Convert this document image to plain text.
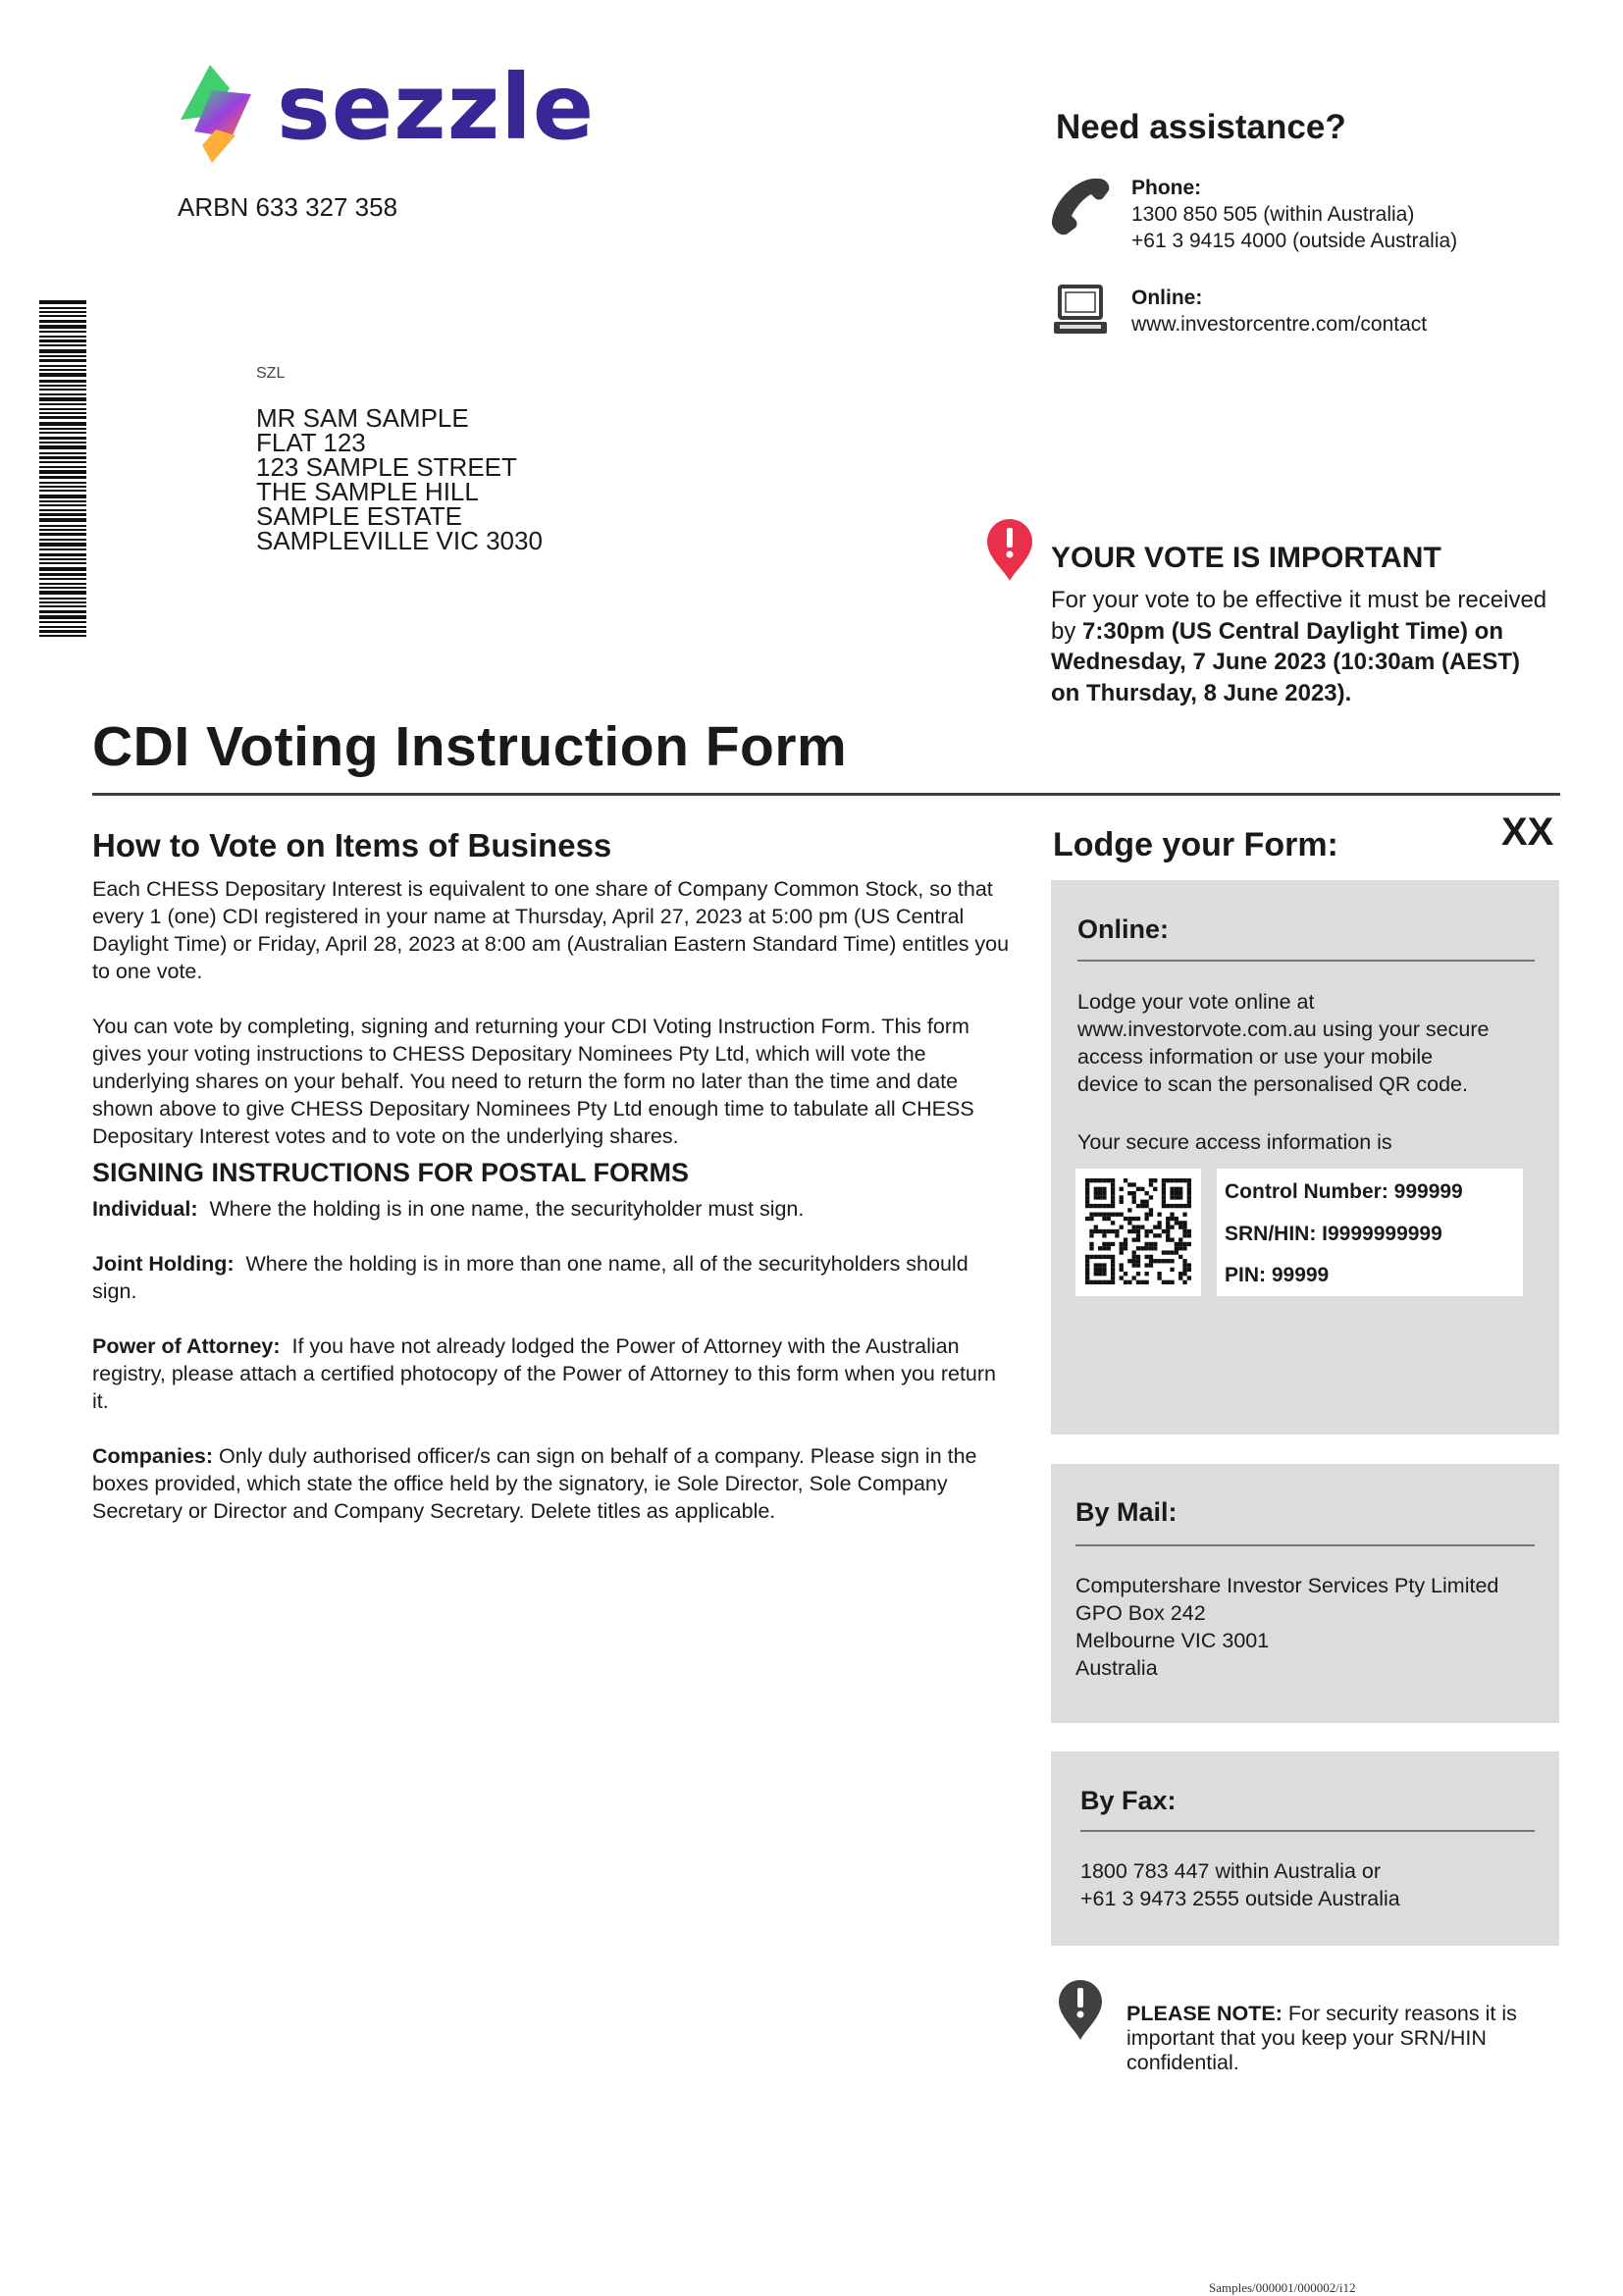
sezzle
ARBN 633 327 358
SZL
MR SAM SAMPLE
FLAT 123
123 SAMPLE STREET
THE SAMPLE HILL
SAMPLE ESTATE
SAMPLEVILLE VIC 3030
Need assistance?
Phone:
1300 850 505 (within Australia)
+61 3 9415 4000 (outside Australia)
Online:
www.investorcentre.com/contact
YOUR VOTE IS IMPORTANT
For your vote to be effective it must be received by 7:30pm (US Central Daylight Time) on Wednesday, 7 June 2023 (10:30am (AEST) on Thursday, 8 June 2023).
CDI Voting Instruction Form
How to Vote on Items of Business
Each CHESS Depositary Interest is equivalent to one share of Company Common Stock, so that every 1 (one) CDI registered in your name at Thursday, April 27, 2023 at 5:00 pm (US Central Daylight Time) or Friday, April 28, 2023 at 8:00 am (Australian Eastern Standard Time) entitles you to one vote.
You can vote by completing, signing and returning your CDI Voting Instruction Form. This form gives your voting instructions to CHESS Depositary Nominees Pty Ltd, which will vote the underlying shares on your behalf. You need to return the form no later than the time and date shown above to give CHESS Depositary Nominees Pty Ltd enough time to tabulate all CHESS Depositary Interest votes and to vote on the underlying shares.
SIGNING INSTRUCTIONS FOR POSTAL FORMS
Individual: Where the holding is in one name, the securityholder must sign.
Joint Holding: Where the holding is in more than one name, all of the securityholders should sign.
Power of Attorney: If you have not already lodged the Power of Attorney with the Australian registry, please attach a certified photocopy of the Power of Attorney to this form when you return it.
Companies: Only duly authorised officer/s can sign on behalf of a company. Please sign in the boxes provided, which state the office held by the signatory, ie Sole Director, Sole Company Secretary or Director and Company Secretary. Delete titles as applicable.
Lodge your Form:	XX
Online:
Lodge your vote online at www.investorvote.com.au using your secure access information or use your mobile device to scan the personalised QR code.
Your secure access information is
Control Number: 999999
SRN/HIN: I9999999999
PIN: 99999
By Mail:
Computershare Investor Services Pty Limited
GPO Box 242
Melbourne VIC 3001
Australia
By Fax:
1800 783 447 within Australia or
+61 3 9473 2555 outside Australia
PLEASE NOTE: For security reasons it is important that you keep your SRN/HIN confidential.
Samples/000001/000002/i12
